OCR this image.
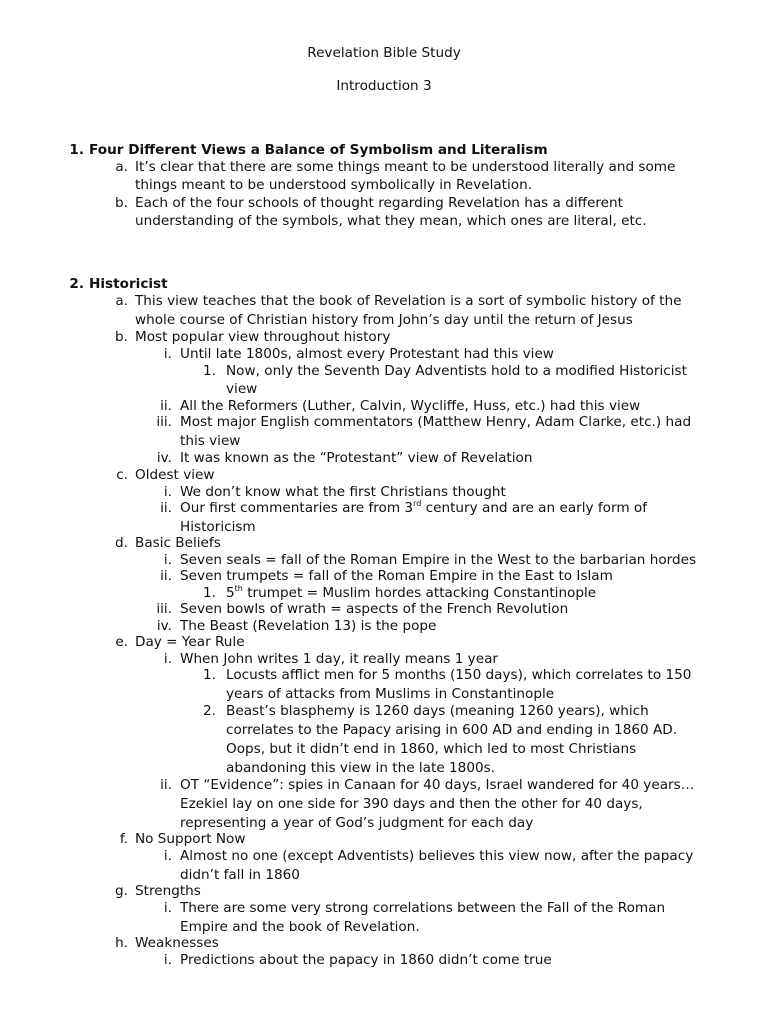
Revelation Bible Study
Introduction 3
1. Four Different Views a Balance of Symbolism and Literalism
a. It’s clear that there are some things meant to be understood literally and some
things meant to be understood symbolically in Revelation.
b. Each of the four schools of thought regarding Revelation has a different
understanding of the symbols, what they mean, which ones are literal, etc.
2. Historicist
a. This view teaches that the book of Revelation is a sort of symbolic history of the
whole course of Christian history from John’s day until the return of Jesus
b. Most popular view throughout history
i. Until late 1800s, almost every Protestant had this view
1. Now, only the Seventh Day Adventists hold to a modified Historicist
view
ii. All the Reformers (Luther, Calvin, Wycliffe, Huss, etc.) had this view
iii. Most major English commentators (Matthew Henry, Adam Clarke, etc.) had
this view
iv. It was known as the “Protestant” view of Revelation
c. Oldest view
i. We don’t know what the first Christians thought
ii. Our first commentaries are from 3rd century and are an early form of
Historicism
d. Basic Beliefs
i. Seven seals = fall of the Roman Empire in the West to the barbarian hordes
ii. Seven trumpets = fall of the Roman Empire in the East to Islam
1. 5th trumpet = Muslim hordes attacking Constantinople
iii. Seven bowls of wrath = aspects of the French Revolution
iv. The Beast (Revelation 13) is the pope
e. Day = Year Rule
i. When John writes 1 day, it really means 1 year
1. Locusts afflict men for 5 months (150 days), which correlates to 150
years of attacks from Muslims in Constantinople
2. Beast’s blasphemy is 1260 days (meaning 1260 years), which
correlates to the Papacy arising in 600 AD and ending in 1860 AD.
Oops, but it didn’t end in 1860, which led to most Christians
abandoning this view in the late 1800s.
ii. OT “Evidence”: spies in Canaan for 40 days, Israel wandered for 40 years…
Ezekiel lay on one side for 390 days and then the other for 40 days,
representing a year of God’s judgment for each day
f. No Support Now
i. Almost no one (except Adventists) believes this view now, after the papacy
didn’t fall in 1860
g. Strengths
i. There are some very strong correlations between the Fall of the Roman
Empire and the book of Revelation.
h. Weaknesses
i. Predictions about the papacy in 1860 didn’t come true
